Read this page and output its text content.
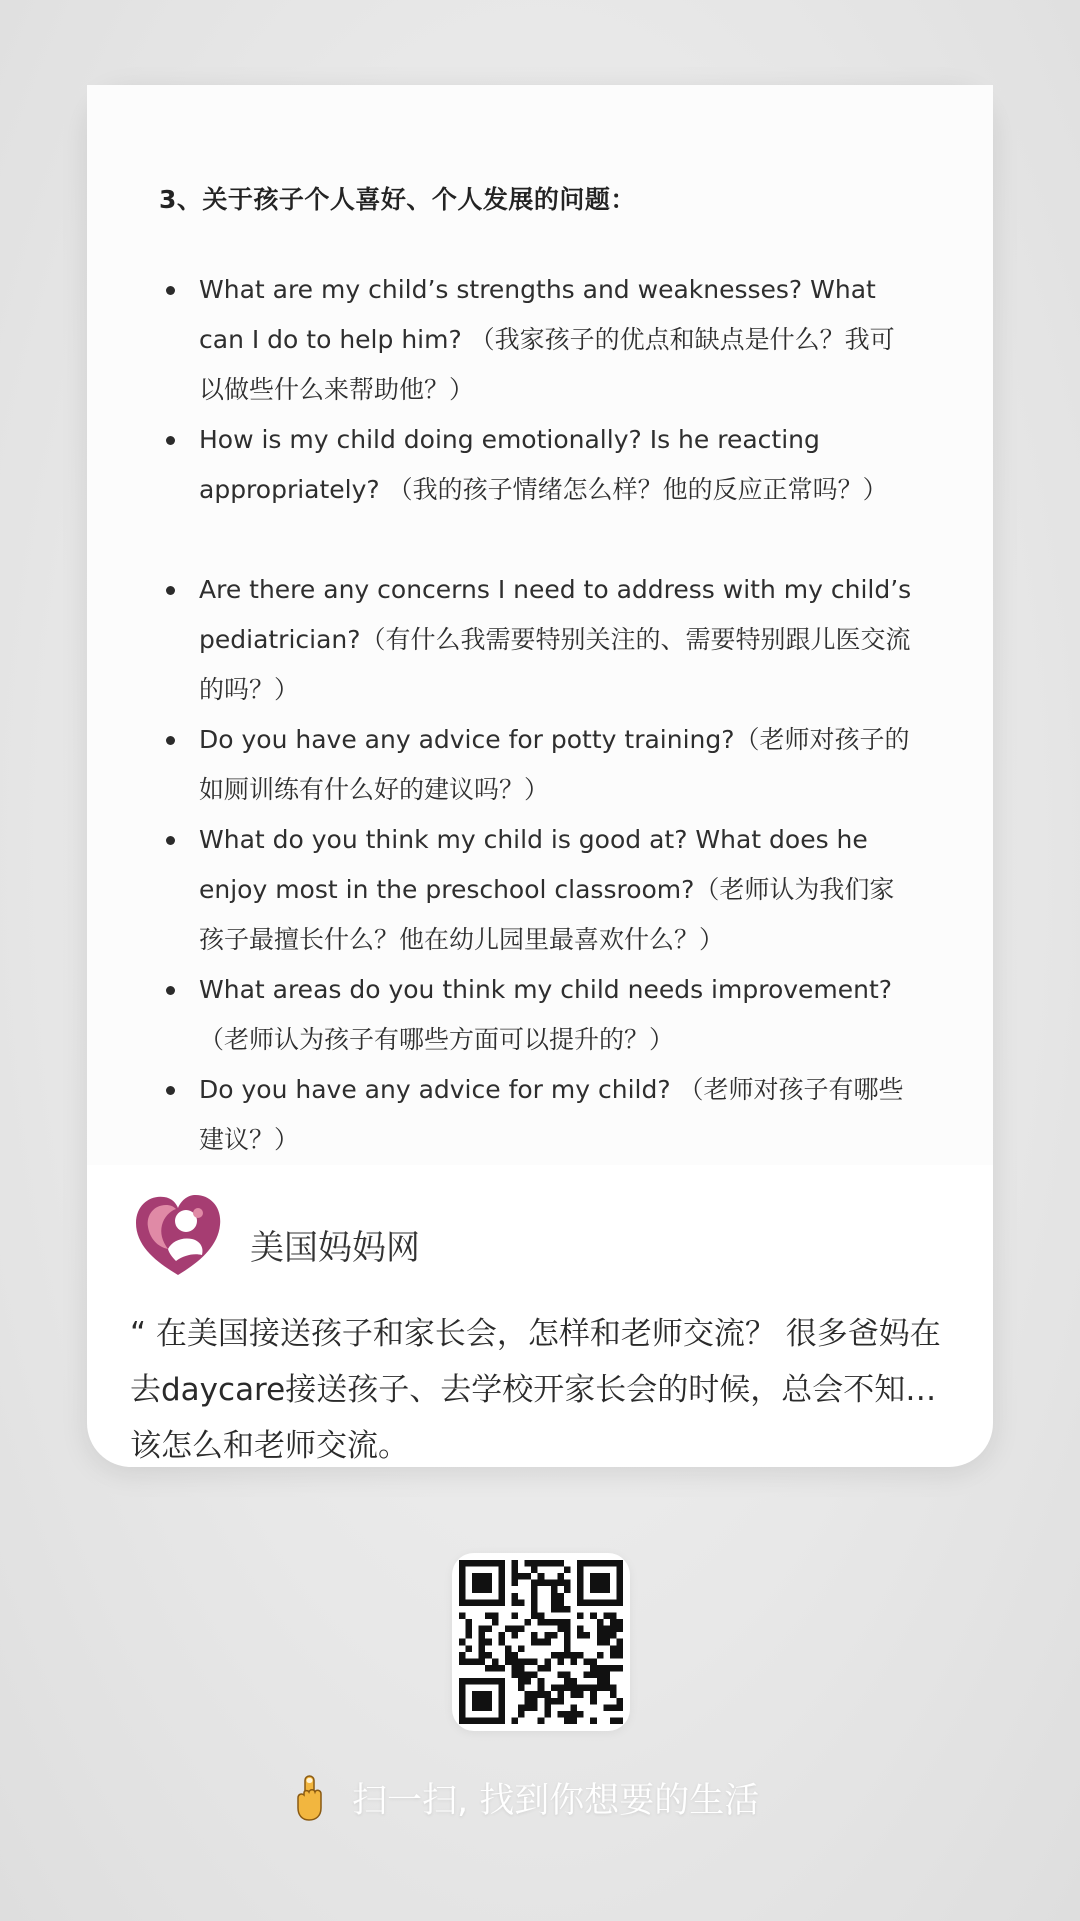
3、关于孩子个人喜好、个人发展的问题：
What are my child’s strengths and weaknesses? What can I do to help him? （我家孩子的优点和缺点是什么？我可以做些什么来帮助他？）
How is my child doing emotionally? Is he reacting appropriately? （我的孩子情绪怎么样？他的反应正常吗？）
Are there any concerns I need to address with my child’s pediatrician?（有什么我需要特别关注的、需要特别跟儿医交流的吗？）
Do you have any advice for potty training?（老师对孩子的如厕训练有什么好的建议吗？）
What do you think my child is good at? What does he enjoy most in the preschool classroom?（老师认为我们家孩子最擅长什么？他在幼儿园里最喜欢什么？）
What areas do you think my child needs improvement?（老师认为孩子有哪些方面可以提升的？）
Do you have any advice for my child? （老师对孩子有哪些建议？）
美国妈妈网
“ 在美国接送孩子和家长会，怎样和老师交流？ 很多爸妈在去daycare接送孩子、去学校开家长会的时候，总会不知道该怎么和老师交流。
扫一扫, 找到你想要的生活
